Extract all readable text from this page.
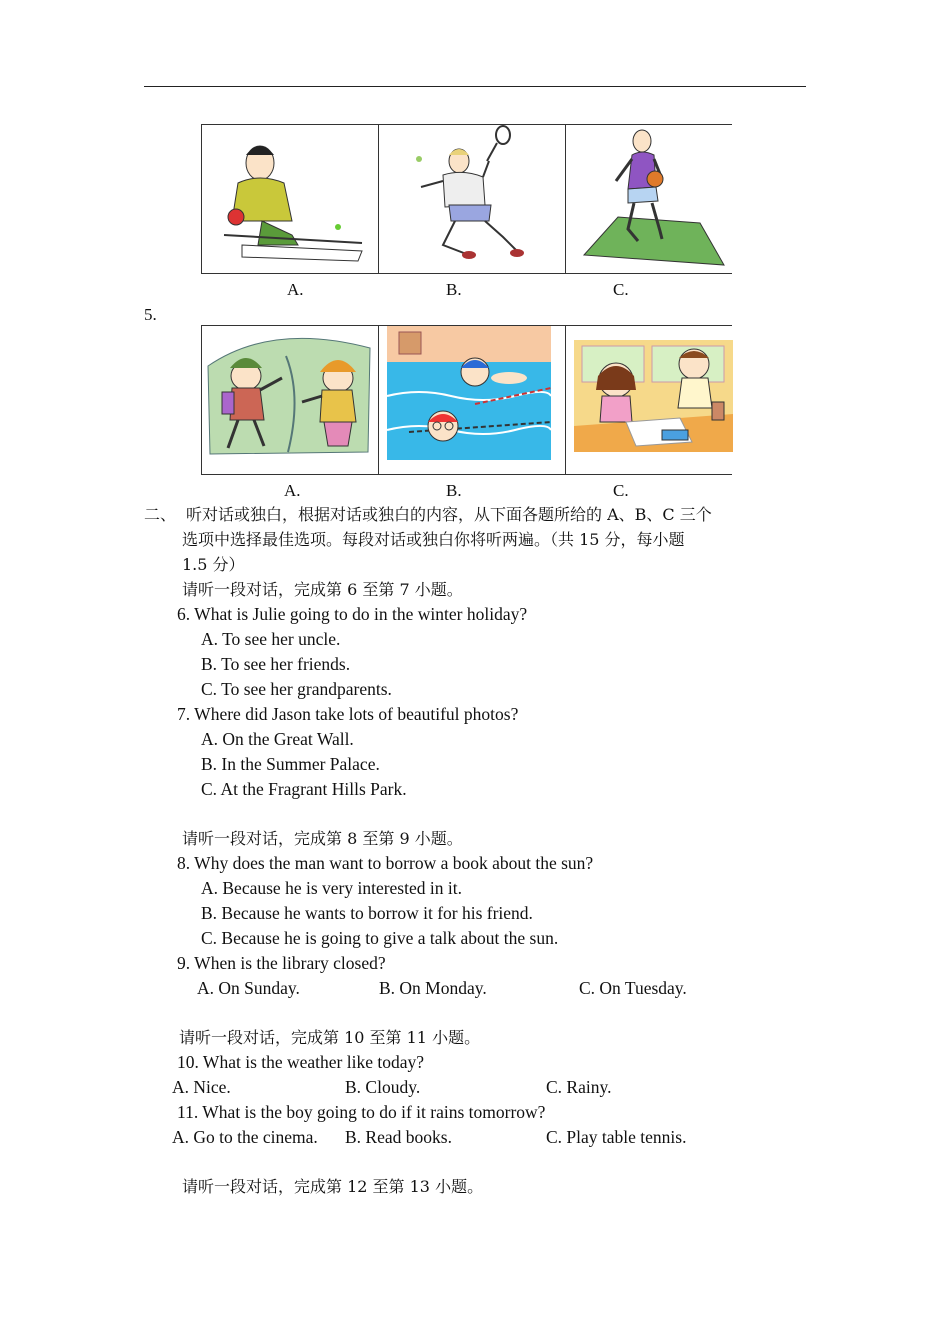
A.	B.	C.
5.
A.	B.	C.
二、 听对话或独白，根据对话或独白的内容，从下面各题所给的 A、B、C 三个
选项中选择最佳选项。每段对话或独白你将听两遍。（共 15 分，每小题
1.5 分）
请听一段对话，完成第 6 至第 7 小题。
6. What is Julie going to do in the winter holiday?
A. To see her uncle.
B. To see her friends.
C. To see her grandparents.
7. Where did Jason take lots of beautiful photos?
A. On the Great Wall.
B. In the Summer Palace.
C. At the Fragrant Hills Park.
请听一段对话，完成第 8 至第 9 小题。
8. Why does the man want to borrow a book about the sun?
A. Because he is very interested in it.
B. Because he wants to borrow it for his friend.
C. Because he is going to give a talk about the sun.
9. When is the library closed?
A. On Sunday.	B. On Monday.	C. On Tuesday.
请听一段对话，完成第 10 至第 11 小题。
10. What is the weather like today?
A. Nice.	B. Cloudy.	C. Rainy.
11. What is the boy going to do if it rains tomorrow?
A. Go to the cinema. B. Read books.	C. Play table tennis.
请听一段对话，完成第 12 至第 13 小题。
